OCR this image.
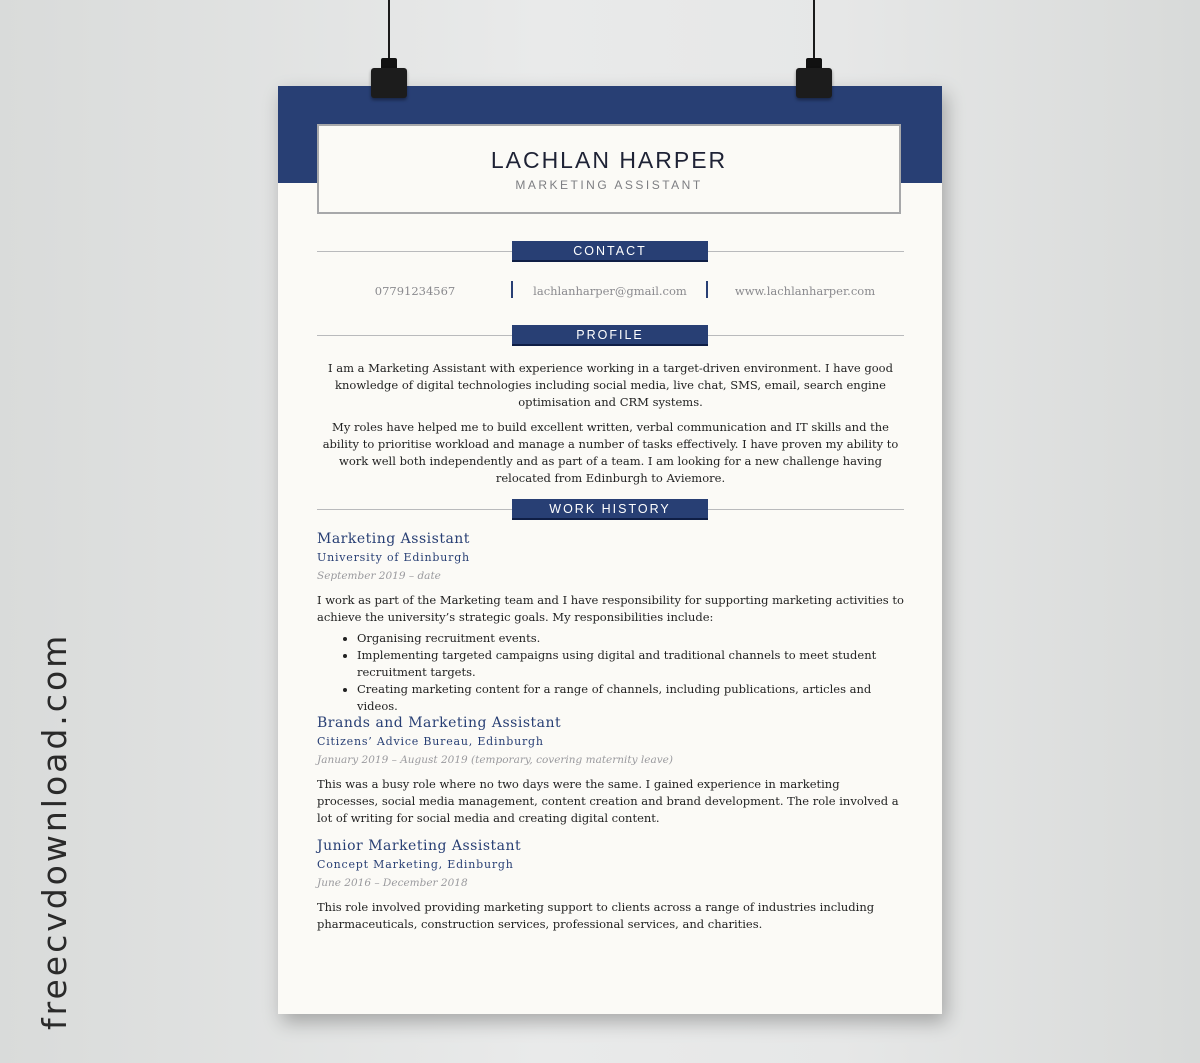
freecvdownload.com
LACHLAN HARPER
MARKETING ASSISTANT
CONTACT
07791234567	lachlanharper@gmail.com	www.lachlanharper.com
PROFILE

I am a Marketing Assistant with experience working in a target-driven environment. I have good knowledge of digital technologies including social media, live chat, SMS, email, search engine optimisation and CRM systems.

My roles have helped me to build excellent written, verbal communication and IT skills and the ability to prioritise workload and manage a number of tasks effectively. I have proven my ability to work well both independently and as part of a team. I am looking for a new challenge having relocated from Edinburgh to Aviemore.

WORK HISTORY
Marketing Assistant
University of Edinburgh
September 2019 – date
I work as part of the Marketing team and I have responsibility for supporting marketing activities to achieve the university’s strategic goals. My responsibilities include:
• Organising recruitment events.
• Implementing targeted campaigns using digital and traditional channels to meet student recruitment targets.
• Creating marketing content for a range of channels, including publications, articles and videos.
Brands and Marketing Assistant
Citizens’ Advice Bureau, Edinburgh
January 2019 – August 2019 (temporary, covering maternity leave)
This was a busy role where no two days were the same. I gained experience in marketing processes, social media management, content creation and brand development. The role involved a lot of writing for social media and creating digital content.
Junior Marketing Assistant
Concept Marketing, Edinburgh
June 2016 – December 2018
This role involved providing marketing support to clients across a range of industries including pharmaceuticals, construction services, professional services, and charities.
